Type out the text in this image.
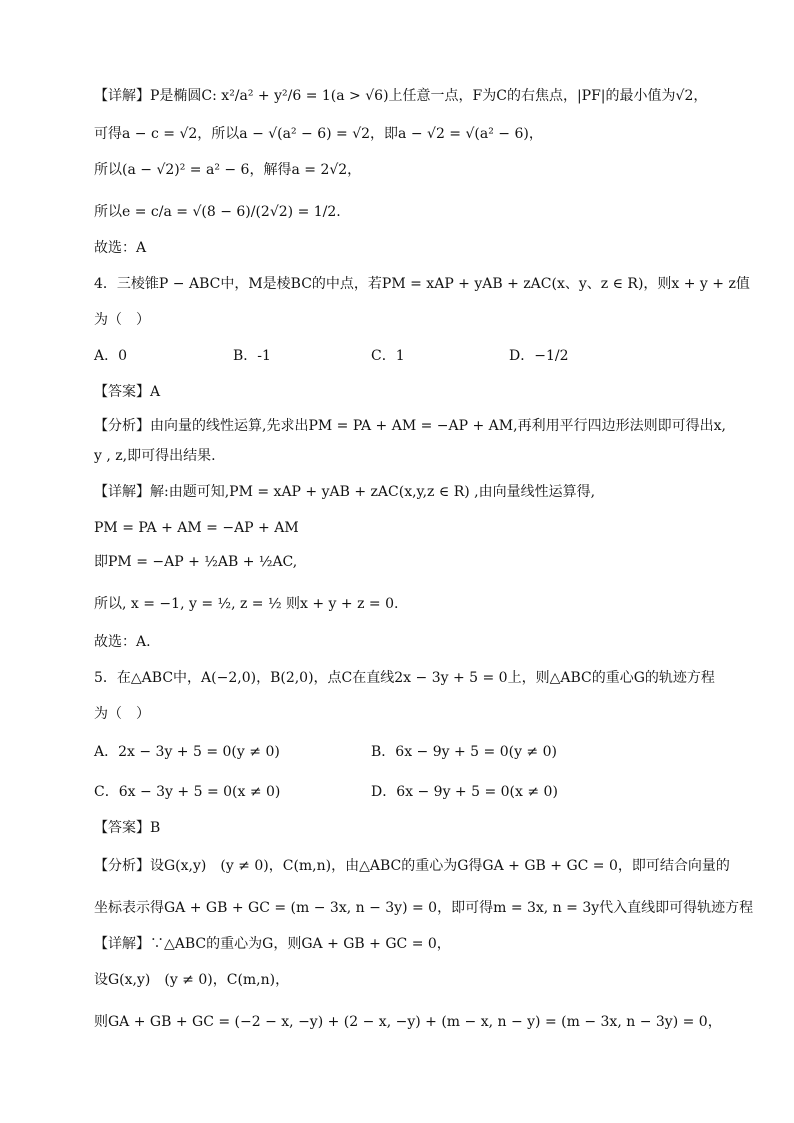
【详解】P是椭圆C: x²/a² + y²/6 = 1(a > √6)上任意一点，F为C的右焦点，|PF|的最小值为√2，
可得a − c = √2，所以a − √(a² − 6) = √2，即a − √2 = √(a² − 6)，
所以(a − √2)² = a² − 6，解得a = 2√2，
所以e = c/a = √(8 − 6)/(2√2) = 1/2.
故选：A
4．三棱锥P − ABC中，M是棱BC的中点，若PM = xAP + yAB + zAC(x、y、z ∈ R)，则x + y + z值
为（　）
A．0	B．-1	C．1	D．−1/2
【答案】A
【分析】由向量的线性运算,先求出PM = PA + AM = −AP + AM,再利用平行四边形法则即可得出x,
y , z,即可得出结果.
【详解】解:由题可知,PM = xAP + yAB + zAC(x,y,z ∈ R) ,由向量线性运算得,
PM = PA + AM = −AP + AM
即PM = −AP + ½AB + ½AC,
所以, x = −1, y = ½, z = ½ 则x + y + z = 0.
故选：A.
5．在△ABC中，A(−2,0)，B(2,0)，点C在直线2x − 3y + 5 = 0上，则△ABC的重心G的轨迹方程
为（　）
A．2x − 3y + 5 = 0(y ≠ 0)	B．6x − 9y + 5 = 0(y ≠ 0)
C．6x − 3y + 5 = 0(x ≠ 0)	D．6x − 9y + 5 = 0(x ≠ 0)
【答案】B
【分析】设G(x,y)　(y ≠ 0)，C(m,n)，由△ABC的重心为G得GA + GB + GC = 0，即可结合向量的
坐标表示得GA + GB + GC = (m − 3x, n − 3y) = 0，即可得m = 3x, n = 3y代入直线即可得轨迹方程
【详解】∵△ABC的重心为G，则GA + GB + GC = 0，
设G(x,y)　(y ≠ 0)，C(m,n)，
则GA + GB + GC = (−2 − x, −y) + (2 − x, −y) + (m − x, n − y) = (m − 3x, n − 3y) = 0，
